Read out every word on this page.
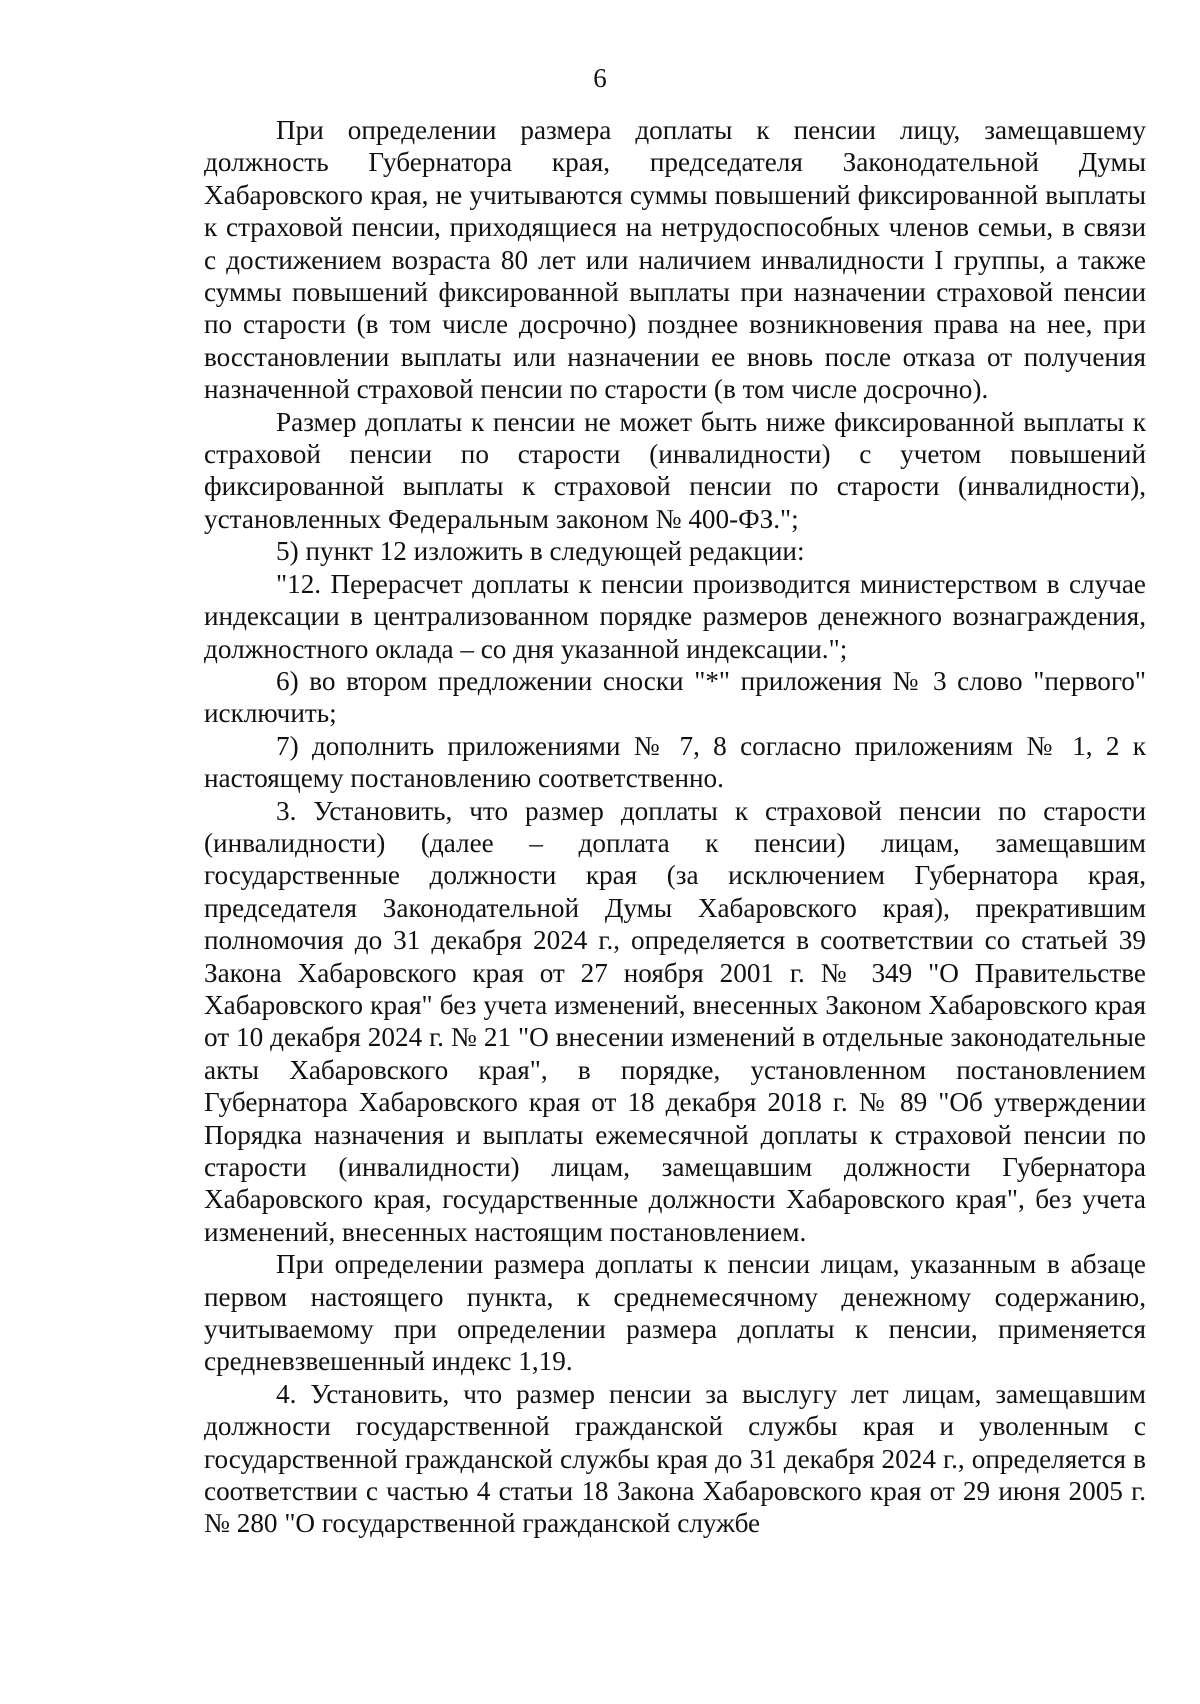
6

При определении размера доплаты к пенсии лицу, замещавшему должность Губернатора края, председателя Законодательной Думы Хабаровского края, не учитываются суммы повышений фиксированной выплаты к страховой пенсии, приходящиеся на нетрудоспособных членов семьи, в связи с достижением возраста 80 лет или наличием инвалидности I группы, а также суммы повышений фиксированной выплаты при назначении страховой пенсии по старости (в том числе досрочно) позднее возникновения права на нее, при восстановлении выплаты или назначении ее вновь после отказа от получения назначенной страховой пенсии по старости (в том числе досрочно).

Размер доплаты к пенсии не может быть ниже фиксированной выплаты к страховой пенсии по старости (инвалидности) с учетом повышений фиксированной выплаты к страховой пенсии по старости (инвалидности), установленных Федеральным законом № 400-ФЗ.";

5) пункт 12 изложить в следующей редакции:

"12. Перерасчет доплаты к пенсии производится министерством в случае индексации в централизованном порядке размеров денежного вознаграждения, должностного оклада – со дня указанной индексации.";

6) во втором предложении сноски "*" приложения № 3 слово "первого" исключить;

7) дополнить приложениями № 7, 8 согласно приложениям № 1, 2 к настоящему постановлению соответственно.

3. Установить, что размер доплаты к страховой пенсии по старости (инвалидности) (далее – доплата к пенсии) лицам, замещавшим государственные должности края (за исключением Губернатора края, председателя Законодательной Думы Хабаровского края), прекратившим полномочия до 31 декабря 2024 г., определяется в соответствии со статьей 39 Закона Хабаровского края от 27 ноября 2001 г. № 349 "О Правительстве Хабаровского края" без учета изменений, внесенных Законом Хабаровского края от 10 декабря 2024 г. № 21 "О внесении изменений в отдельные законодательные акты Хабаровского края", в порядке, установленном постановлением Губернатора Хабаровского края от 18 декабря 2018 г. № 89 "Об утверждении Порядка назначения и выплаты ежемесячной доплаты к страховой пенсии по старости (инвалидности) лицам, замещавшим должности Губернатора Хабаровского края, государственные должности Хабаровского края", без учета изменений, внесенных настоящим постановлением.

При определении размера доплаты к пенсии лицам, указанным в абзаце первом настоящего пункта, к среднемесячному денежному содержанию, учитываемому при определении размера доплаты к пенсии, применяется средневзвешенный индекс 1,19.

4. Установить, что размер пенсии за выслугу лет лицам, замещавшим должности государственной гражданской службы края и уволенным с государственной гражданской службы края до 31 декабря 2024 г., определяется в соответствии с частью 4 статьи 18 Закона Хабаровского края от 29 июня 2005 г. № 280 "О государственной гражданской службе
